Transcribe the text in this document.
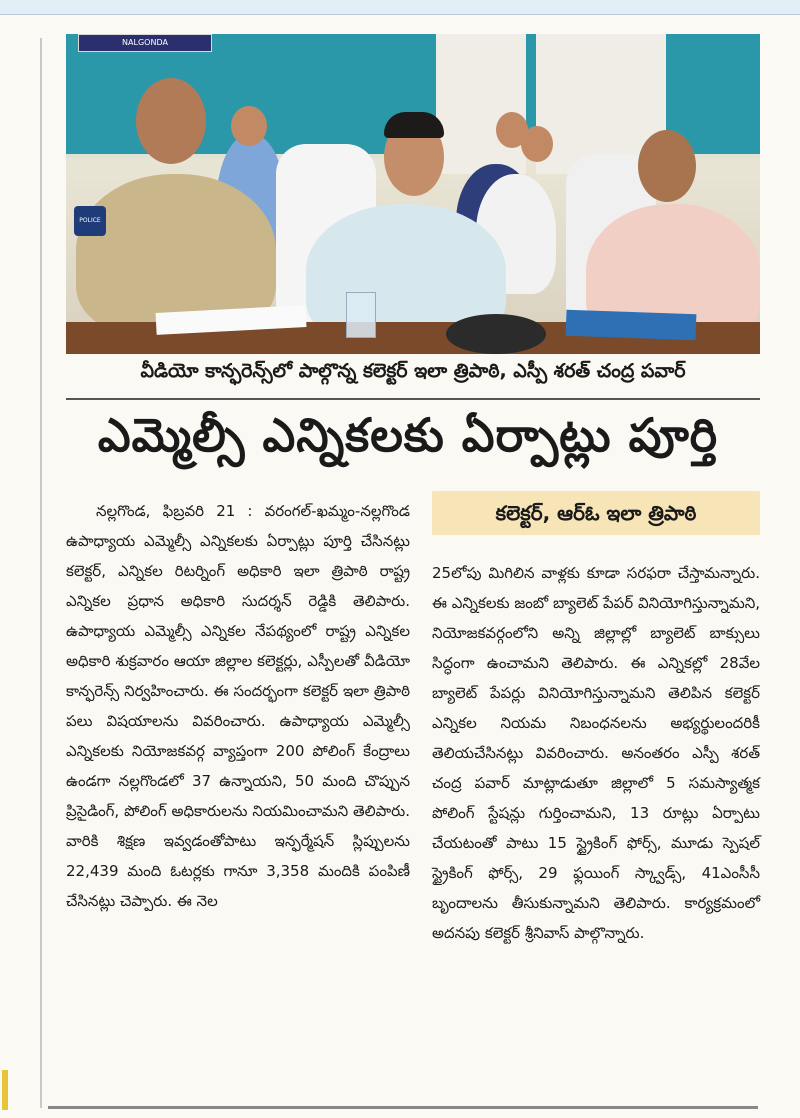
NALGONDA
POLICE
వీడియో కాన్ఫరెన్స్‌లో పాల్గొన్న కలెక్టర్ ఇలా త్రిపాఠి, ఎస్పీ శరత్ చంద్ర పవార్
ఎమ్మెల్సీ ఎన్నికలకు ఏర్పాట్లు పూర్తి
కలెక్టర్, ఆర్ఓ ఇలా త్రిపాఠి

నల్లగొండ, ఫిబ్రవరి 21 : వరంగల్-ఖమ్మం-నల్లగొండ ఉపాధ్యాయ ఎమ్మెల్సీ ఎన్నికలకు ఏర్పాట్లు పూర్తి చేసినట్లు కలెక్టర్, ఎన్నికల రిటర్నింగ్ అధికారి ఇలా త్రిపాఠి రాష్ట్ర ఎన్నికల ప్రధాన అధికారి సుదర్శన్ రెడ్డికి తెలిపారు. ఉపాధ్యాయ ఎమ్మెల్సీ ఎన్నికల నేపథ్యంలో రాష్ట్ర ఎన్నికల అధికారి శుక్రవారం ఆయా జిల్లాల కలెక్టర్లు, ఎస్పీలతో వీడియో కాన్ఫరెన్స్ నిర్వహించారు. ఈ సందర్భంగా కలెక్టర్ ఇలా త్రిపాఠి పలు విషయాలను వివరించారు. ఉపాధ్యాయ ఎమ్మెల్సీ ఎన్నికలకు నియోజకవర్గ వ్యాప్తంగా 200 పోలింగ్ కేంద్రాలు ఉండగా నల్లగొండలో 37 ఉన్నాయని, 50 మంది చొప్పున ప్రిసైడింగ్, పోలింగ్ అధికారులను నియమించామని తెలిపారు. వారికి శిక్షణ ఇవ్వడంతోపాటు ఇన్ఫర్మేషన్ స్లిప్పులను 22,439 మంది ఓటర్లకు గానూ 3,358 మందికి పంపిణీ చేసినట్లు చెప్పారు. ఈ నెల

25లోపు మిగిలిన వాళ్లకు కూడా సరఫరా చేస్తామన్నారు. ఈ ఎన్నికలకు జంబో బ్యాలెట్ పేపర్ వినియోగిస్తున్నామని, నియోజకవర్గంలోని అన్ని జిల్లాల్లో బ్యాలెట్ బాక్సులు సిద్ధంగా ఉంచామని తెలిపారు. ఈ ఎన్నికల్లో 28వేల బ్యాలెట్ పేపర్లు వినియోగిస్తున్నామని తెలిపిన కలెక్టర్ ఎన్నికల నియమ నిబంధనలను అభ్యర్థులందరికీ తెలియచేసినట్లు వివరించారు. అనంతరం ఎస్పీ శరత్ చంద్ర పవార్ మాట్లాడుతూ జిల్లాలో 5 సమస్యాత్మక పోలింగ్ స్టేషన్లు గుర్తించామని, 13 రూట్లు ఏర్పాటు చేయటంతో పాటు 15 స్ట్రైకింగ్ ఫోర్స్, మూడు స్పెషల్ స్ట్రైకింగ్ ఫోర్స్, 29 ఫ్లయింగ్ స్క్వాడ్స్, 41ఎంసీసీ బృందాలను తీసుకున్నామని తెలిపారు. కార్యక్రమంలో అదనపు కలెక్టర్ శ్రీనివాస్ పాల్గొన్నారు.
